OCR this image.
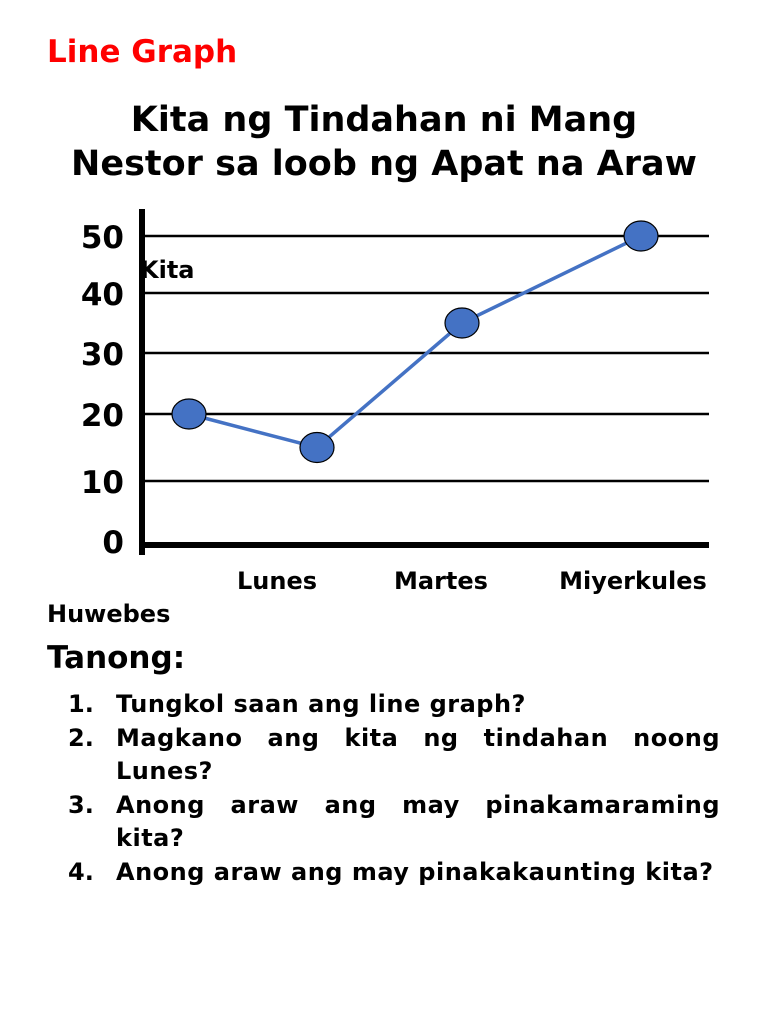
Line Graph
Kita ng Tindahan ni Mang
Nestor sa loob ng Apat na Araw
0
10
20
30
40
50
Kita
Lunes	Martes	Miyerkules
Huwebes
Tanong:
1. Tungkol saan ang line graph?
2. Magkano ang kita ng tindahan noong Lunes?
3. Anong araw ang may pinakamaraming kita?
4. Anong araw ang may pinakakaunting kita?
